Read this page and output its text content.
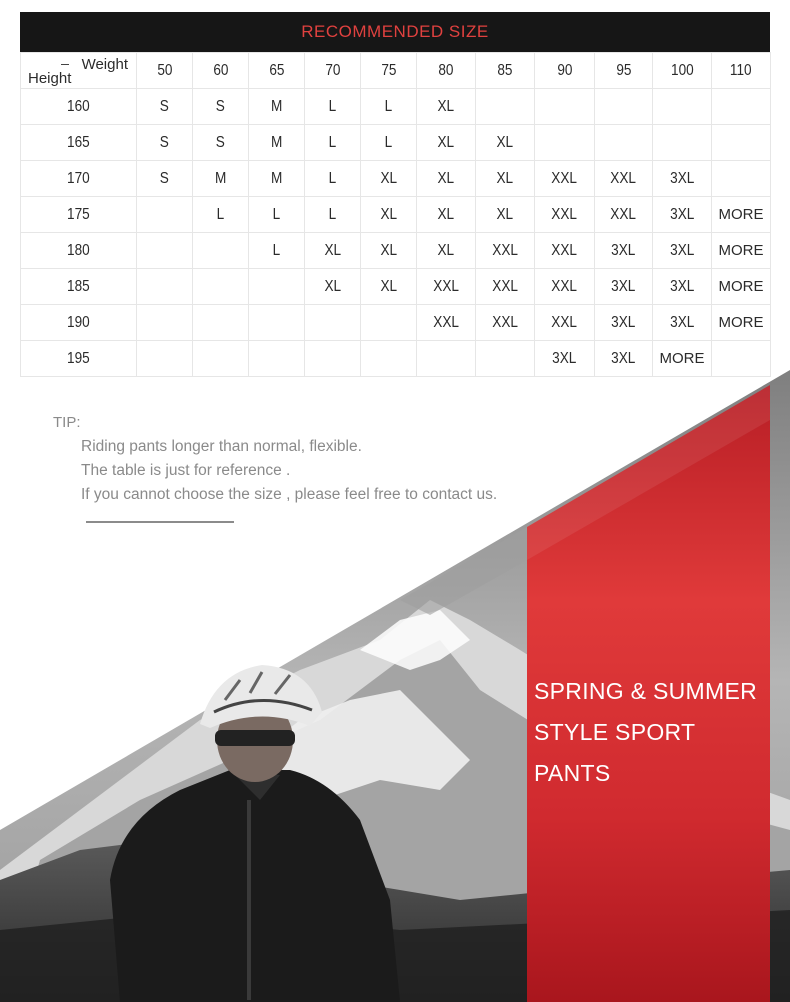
RECOMMENDED SIZE
Weight
Height	50	60	65	70	75	80	85	90	95	100	110
160	S	S	M	L	L	XL					
165	S	S	M	L	L	XL	XL				
170	S	M	M	L	XL	XL	XL	XXL	XXL	3XL	
175		L	L	L	XL	XL	XL	XXL	XXL	3XL	MORE
180			L	XL	XL	XL	XXL	XXL	3XL	3XL	MORE
185				XL	XL	XXL	XXL	XXL	3XL	3XL	MORE
190						XXL	XXL	XXL	3XL	3XL	MORE
195								3XL	3XL	MORE	
TIP:
Riding pants longer than normal, flexible.
The table is just for reference .
If you cannot choose the size , please feel free to contact us.
SPRING & SUMMER
STYLE SPORT
PANTS
